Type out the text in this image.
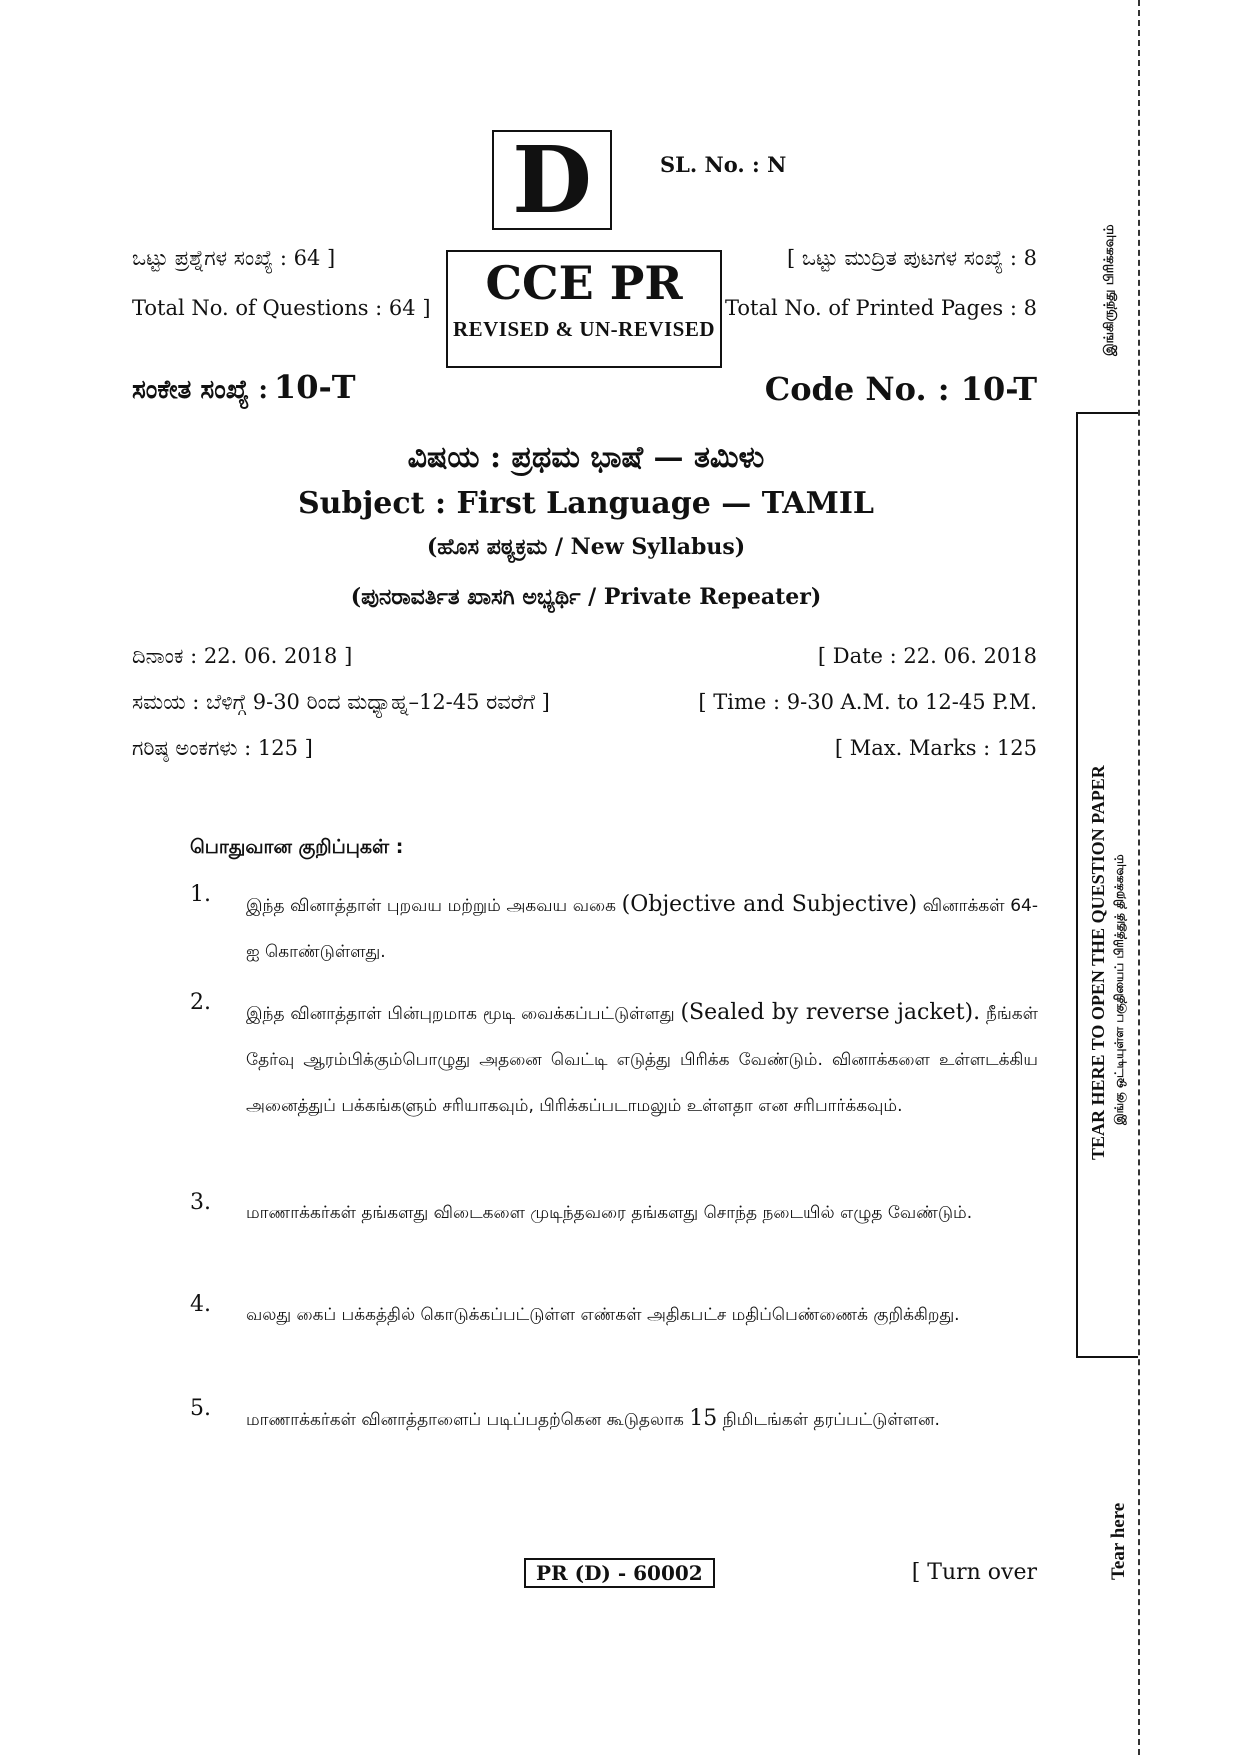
D	SL. No. : N
CCE PR
REVISED & UN-REVISED
ಒಟ್ಟು ಪ್ರಶ್ನೆಗಳ ಸಂಖ್ಯೆ : 64 ]
Total No. of Questions : 64 ]
[ ಒಟ್ಟು ಮುದ್ರಿತ ಪುಟಗಳ ಸಂಖ್ಯೆ : 8
Total No. of Printed Pages : 8
ಸಂಕೇತ ಸಂಖ್ಯೆ : 10-T	Code No. : 10-T
ವಿಷಯ : ಪ್ರಥಮ ಭಾಷೆ — ತಮಿಳು
Subject : First Language — TAMIL
(ಹೊಸ ಪಠ್ಯಕ್ರಮ / New Syllabus)
(ಪುನರಾವರ್ತಿತ ಖಾಸಗಿ ಅಭ್ಯರ್ಥಿ / Private Repeater)
ದಿನಾಂಕ : 22. 06. 2018 ]	[ Date : 22. 06. 2018
ಸಮಯ : ಬೆಳಿಗ್ಗೆ 9-30 ರಿಂದ ಮಧ್ಯಾಹ್ನ–12-45 ರವರೆಗೆ ]	[ Time : 9-30 A.M. to 12-45 P.M.
ಗರಿಷ್ಠ ಅಂಕಗಳು : 125 ]	[ Max. Marks : 125
பொதுவான குறிப்புகள் :
1. இந்த வினாத்தாள் புறவய மற்றும் அகவய வகை (Objective and Subjective) வினாக்கள் 64-ஐ கொண்டுள்ளது.
2. இந்த வினாத்தாள் பின்புறமாக மூடி வைக்கப்பட்டுள்ளது (Sealed by reverse jacket). நீங்கள் தேர்வு ஆரம்பிக்கும்பொழுது அதனை வெட்டி எடுத்து பிரிக்க வேண்டும். வினாக்களை உள்ளடக்கிய அனைத்துப் பக்கங்களும் சரியாகவும், பிரிக்கப்படாமலும் உள்ளதா என சரிபார்க்கவும்.
3. மாணாக்கர்கள் தங்களது விடைகளை முடிந்தவரை தங்களது சொந்த நடையில் எழுத வேண்டும்.
4. வலது கைப் பக்கத்தில் கொடுக்கப்பட்டுள்ள எண்கள் அதிகபட்ச மதிப்பெண்ணைக் குறிக்கிறது.
5. மாணாக்கர்கள் வினாத்தாளைப் படிப்பதற்கென கூடுதலாக 15 நிமிடங்கள் தரப்பட்டுள்ளன.
PR (D) - 60002	[ Turn over
இங்கிருந்து பிரிக்கவும்
TEAR HERE TO OPEN THE QUESTION PAPER இங்கு ஒட்டியுள்ள பகுதியைப் பிரித்துத் திறக்கவும்
Tear here
